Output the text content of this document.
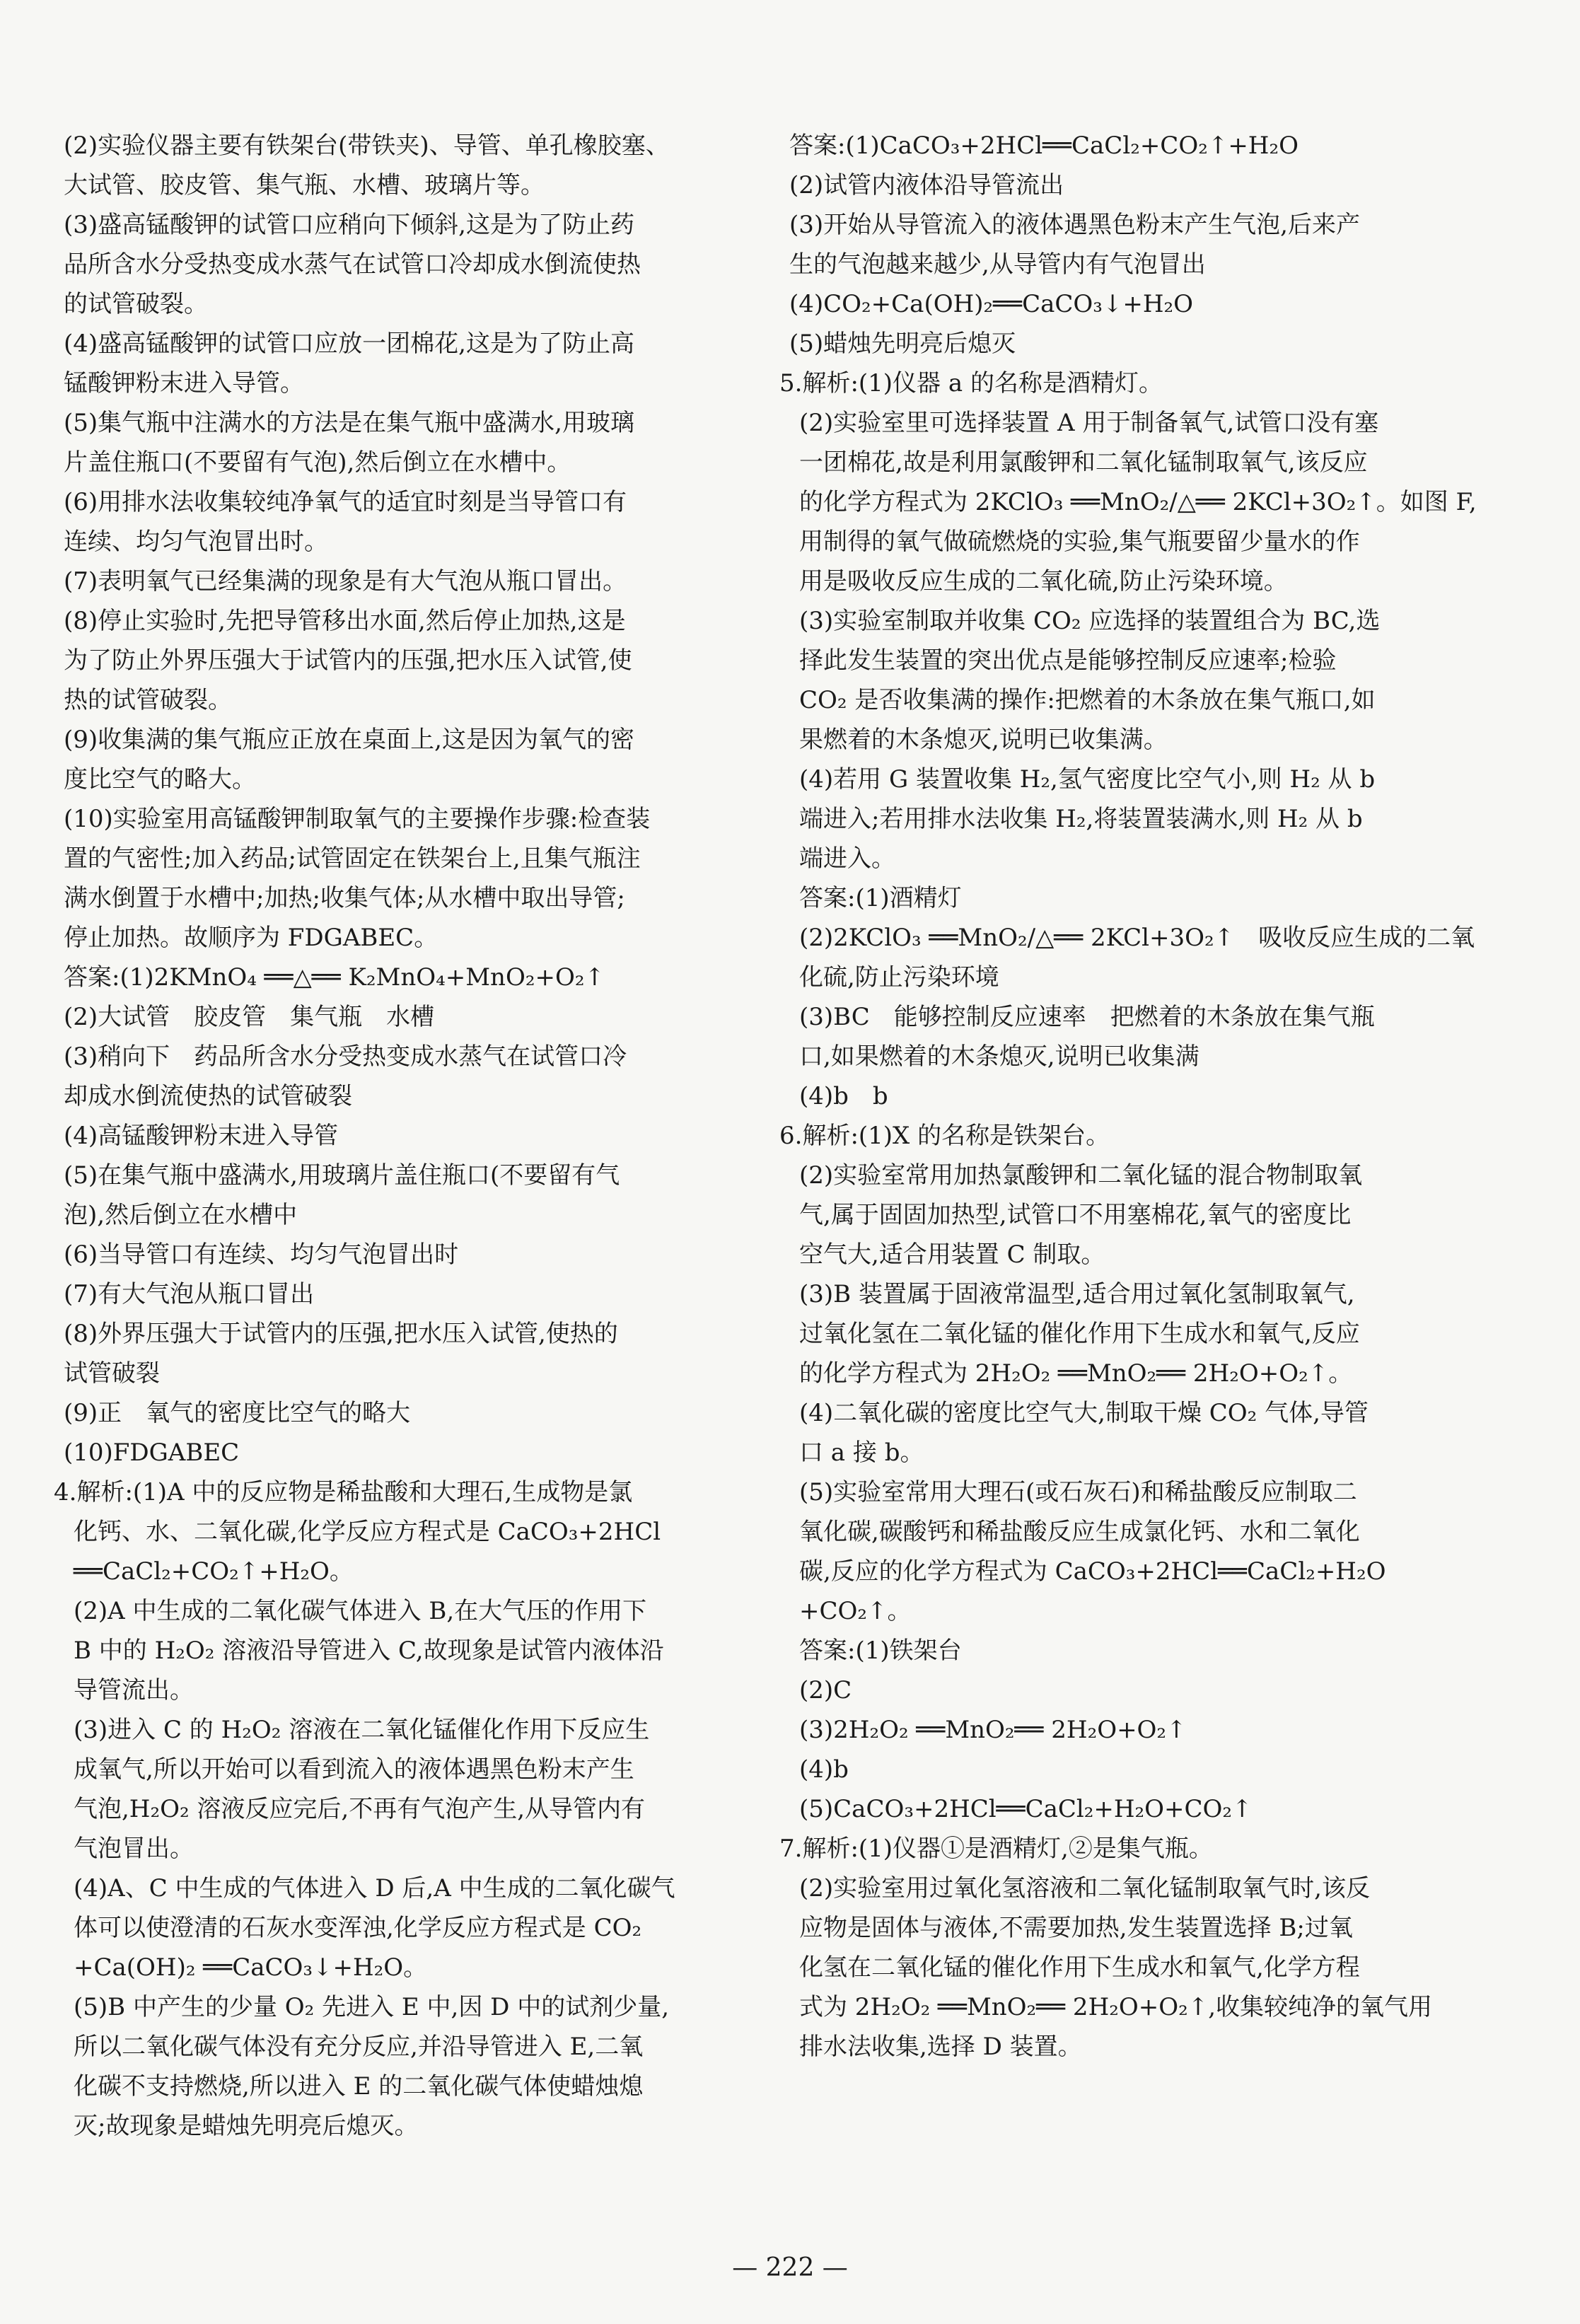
(2)实验仪器主要有铁架台(带铁夹)、导管、单孔橡胶塞、
大试管、胶皮管、集气瓶、水槽、玻璃片等。
(3)盛高锰酸钾的试管口应稍向下倾斜,这是为了防止药
品所含水分受热变成水蒸气在试管口冷却成水倒流使热
的试管破裂。
(4)盛高锰酸钾的试管口应放一团棉花,这是为了防止高
锰酸钾粉末进入导管。
(5)集气瓶中注满水的方法是在集气瓶中盛满水,用玻璃
片盖住瓶口(不要留有气泡),然后倒立在水槽中。
(6)用排水法收集较纯净氧气的适宜时刻是当导管口有
连续、均匀气泡冒出时。
(7)表明氧气已经集满的现象是有大气泡从瓶口冒出。
(8)停止实验时,先把导管移出水面,然后停止加热,这是
为了防止外界压强大于试管内的压强,把水压入试管,使
热的试管破裂。
(9)收集满的集气瓶应正放在桌面上,这是因为氧气的密
度比空气的略大。
(10)实验室用高锰酸钾制取氧气的主要操作步骤:检查装
置的气密性;加入药品;试管固定在铁架台上,且集气瓶注
满水倒置于水槽中;加热;收集气体;从水槽中取出导管;
停止加热。故顺序为 FDGABEC。
答案:(1)2KMnO₄ ══△══ K₂MnO₄+MnO₂+O₂↑
(2)大试管　胶皮管　集气瓶　水槽
(3)稍向下　药品所含水分受热变成水蒸气在试管口冷
却成水倒流使热的试管破裂
(4)高锰酸钾粉末进入导管
(5)在集气瓶中盛满水,用玻璃片盖住瓶口(不要留有气
泡),然后倒立在水槽中
(6)当导管口有连续、均匀气泡冒出时
(7)有大气泡从瓶口冒出
(8)外界压强大于试管内的压强,把水压入试管,使热的
试管破裂
(9)正　氧气的密度比空气的略大
(10)FDGABEC
4.解析:(1)A 中的反应物是稀盐酸和大理石,生成物是氯
化钙、水、二氧化碳,化学反应方程式是 CaCO₃+2HCl
══CaCl₂+CO₂↑+H₂O。
(2)A 中生成的二氧化碳气体进入 B,在大气压的作用下
B 中的 H₂O₂ 溶液沿导管进入 C,故现象是试管内液体沿
导管流出。
(3)进入 C 的 H₂O₂ 溶液在二氧化锰催化作用下反应生
成氧气,所以开始可以看到流入的液体遇黑色粉末产生
气泡,H₂O₂ 溶液反应完后,不再有气泡产生,从导管内有
气泡冒出。
(4)A、C 中生成的气体进入 D 后,A 中生成的二氧化碳气
体可以使澄清的石灰水变浑浊,化学反应方程式是 CO₂
+Ca(OH)₂ ══CaCO₃↓+H₂O。
(5)B 中产生的少量 O₂ 先进入 E 中,因 D 中的试剂少量,
所以二氧化碳气体没有充分反应,并沿导管进入 E,二氧
化碳不支持燃烧,所以进入 E 的二氧化碳气体使蜡烛熄
灭;故现象是蜡烛先明亮后熄灭。
答案:(1)CaCO₃+2HCl══CaCl₂+CO₂↑+H₂O
(2)试管内液体沿导管流出
(3)开始从导管流入的液体遇黑色粉末产生气泡,后来产
生的气泡越来越少,从导管内有气泡冒出
(4)CO₂+Ca(OH)₂══CaCO₃↓+H₂O
(5)蜡烛先明亮后熄灭
5.解析:(1)仪器 a 的名称是酒精灯。
(2)实验室里可选择装置 A 用于制备氧气,试管口没有塞
一团棉花,故是利用氯酸钾和二氧化锰制取氧气,该反应
的化学方程式为 2KClO₃ ══MnO₂/△══ 2KCl+3O₂↑。如图 F,
用制得的氧气做硫燃烧的实验,集气瓶要留少量水的作
用是吸收反应生成的二氧化硫,防止污染环境。
(3)实验室制取并收集 CO₂ 应选择的装置组合为 BC,选
择此发生装置的突出优点是能够控制反应速率;检验
CO₂ 是否收集满的操作:把燃着的木条放在集气瓶口,如
果燃着的木条熄灭,说明已收集满。
(4)若用 G 装置收集 H₂,氢气密度比空气小,则 H₂ 从 b
端进入;若用排水法收集 H₂,将装置装满水,则 H₂ 从 b
端进入。
答案:(1)酒精灯
(2)2KClO₃ ══MnO₂/△══ 2KCl+3O₂↑　吸收反应生成的二氧
化硫,防止污染环境
(3)BC　能够控制反应速率　把燃着的木条放在集气瓶
口,如果燃着的木条熄灭,说明已收集满
(4)b　b
6.解析:(1)X 的名称是铁架台。
(2)实验室常用加热氯酸钾和二氧化锰的混合物制取氧
气,属于固固加热型,试管口不用塞棉花,氧气的密度比
空气大,适合用装置 C 制取。
(3)B 装置属于固液常温型,适合用过氧化氢制取氧气,
过氧化氢在二氧化锰的催化作用下生成水和氧气,反应
的化学方程式为 2H₂O₂ ══MnO₂══ 2H₂O+O₂↑。
(4)二氧化碳的密度比空气大,制取干燥 CO₂ 气体,导管
口 a 接 b。
(5)实验室常用大理石(或石灰石)和稀盐酸反应制取二
氧化碳,碳酸钙和稀盐酸反应生成氯化钙、水和二氧化
碳,反应的化学方程式为 CaCO₃+2HCl══CaCl₂+H₂O
+CO₂↑。
答案:(1)铁架台
(2)C
(3)2H₂O₂ ══MnO₂══ 2H₂O+O₂↑
(4)b
(5)CaCO₃+2HCl══CaCl₂+H₂O+CO₂↑
7.解析:(1)仪器①是酒精灯,②是集气瓶。
(2)实验室用过氧化氢溶液和二氧化锰制取氧气时,该反
应物是固体与液体,不需要加热,发生装置选择 B;过氧
化氢在二氧化锰的催化作用下生成水和氧气,化学方程
式为 2H₂O₂ ══MnO₂══ 2H₂O+O₂↑,收集较纯净的氧气用
排水法收集,选择 D 装置。
— 222 —
